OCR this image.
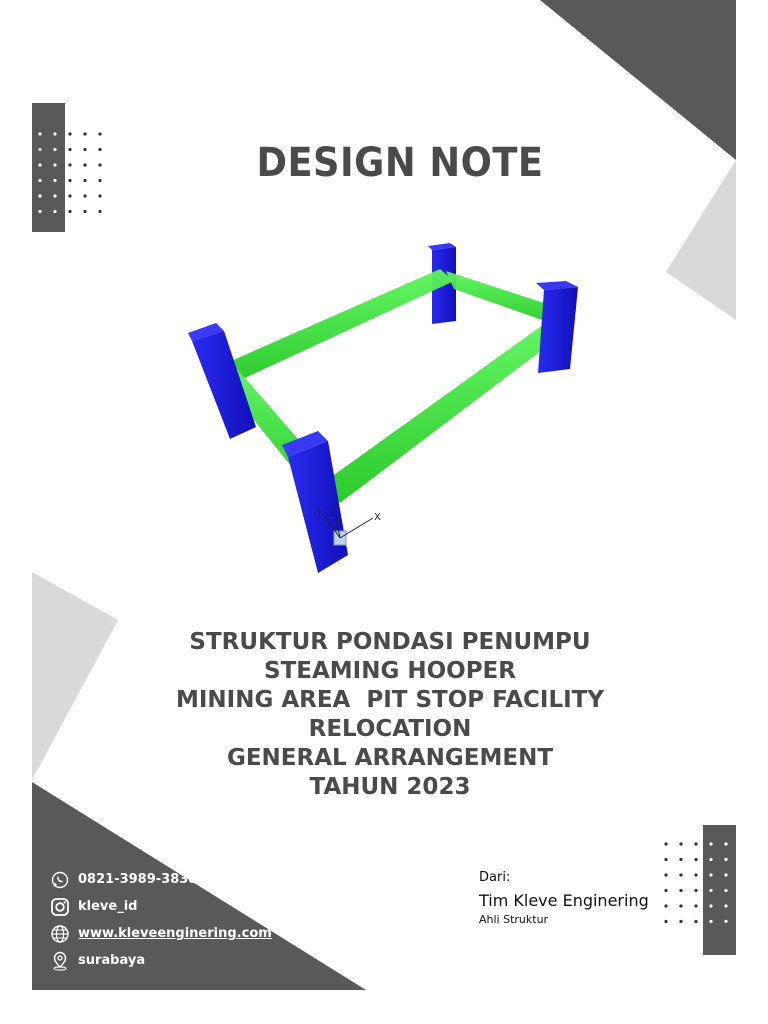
DESIGN NOTE
X
Z
Y
STRUKTUR PONDASI PENUMPU
STEAMING HOOPER
MINING AREA  PIT STOP FACILITY
RELOCATION
GENERAL ARRANGEMENT
TAHUN 2023
0821-3989-3838
kleve_id
www.kleveenginering.com
surabaya
Dari:
Tim Kleve Enginering
Ahli Struktur
